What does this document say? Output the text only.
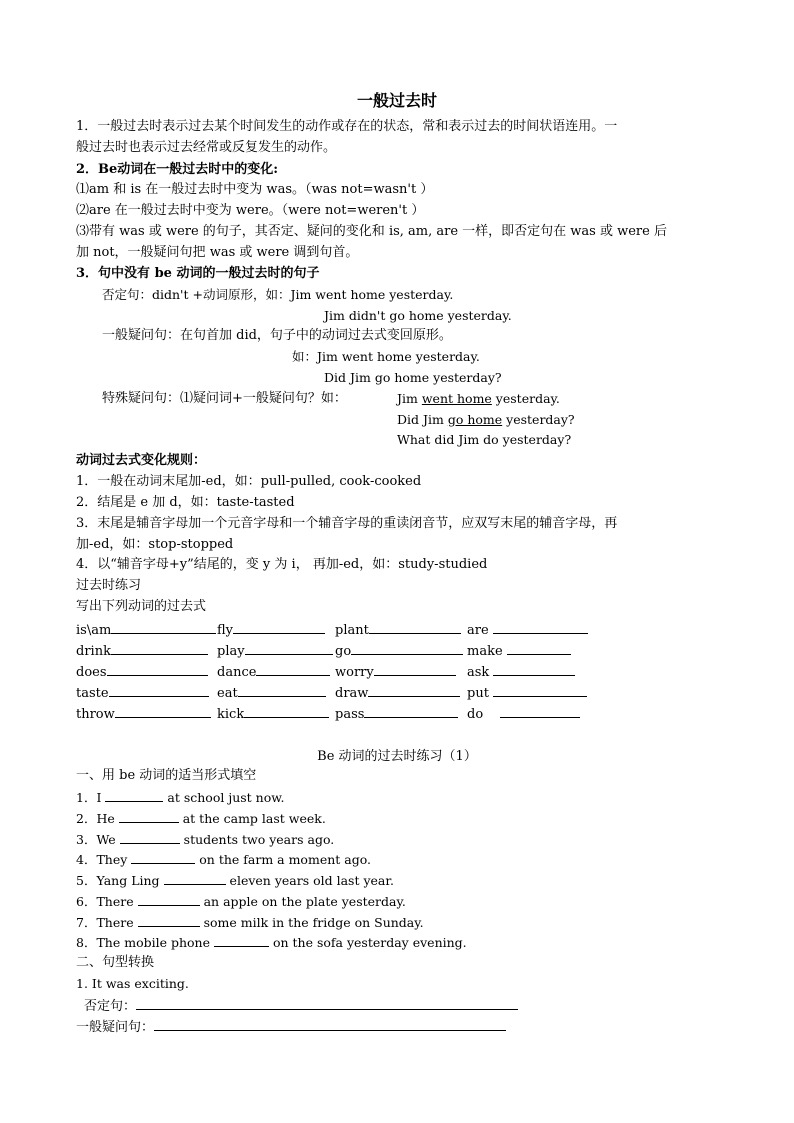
一般过去时
1．一般过去时表示过去某个时间发生的动作或存在的状态，常和表示过去的时间状语连用。一
般过去时也表示过去经常或反复发生的动作。
2．Be动词在一般过去时中的变化:
⑴am 和 is 在一般过去时中变为 was。（was not=wasn't ）
⑵are 在一般过去时中变为 were。（were not=weren't ）
⑶带有 was 或 were 的句子，其否定、疑问的变化和 is, am, are 一样，即否定句在 was 或 were 后
加 not，一般疑问句把 was 或 were 调到句首。
3．句中没有 be 动词的一般过去时的句子
否定句：didn't +动词原形，如：Jim went home yesterday.
Jim didn't go home yesterday.
一般疑问句：在句首加 did，句子中的动词过去式变回原形。
如：Jim went home yesterday.
Did Jim go home yesterday?
特殊疑问句：⑴疑问词+一般疑问句？如：	Jim went home yesterday.
Did Jim go home yesterday?
What did Jim do yesterday?
动词过去式变化规则：
1．一般在动词末尾加-ed，如：pull-pulled, cook-cooked
2．结尾是 e 加 d，如：taste-tasted
3．末尾是辅音字母加一个元音字母和一个辅音字母的重读闭音节，应双写末尾的辅音字母，再
加-ed，如：stop-stopped
4．以“辅音字母+y”结尾的，变 y 为 i， 再加-ed，如：study-studied
过去时练习
写出下列动词的过去式
is\am	fly	plant	are
drink	play	go	make
does	dance	worry	ask
taste	eat	draw	put
throw	kick	pass	do
Be 动词的过去时练习（1）
一、用 be 动词的适当形式填空
1．I	at school just now.
2．He	at the camp last week.
3．We	students two years ago.
4．They	on the farm a moment ago.
5．Yang Ling	eleven years old last year.
6．There	an apple on the plate yesterday.
7．There	some milk in the fridge on Sunday.
8．The mobile phone	on the sofa yesterday evening.
二、句型转换
1. It was exciting.
否定句：
一般疑问句：
